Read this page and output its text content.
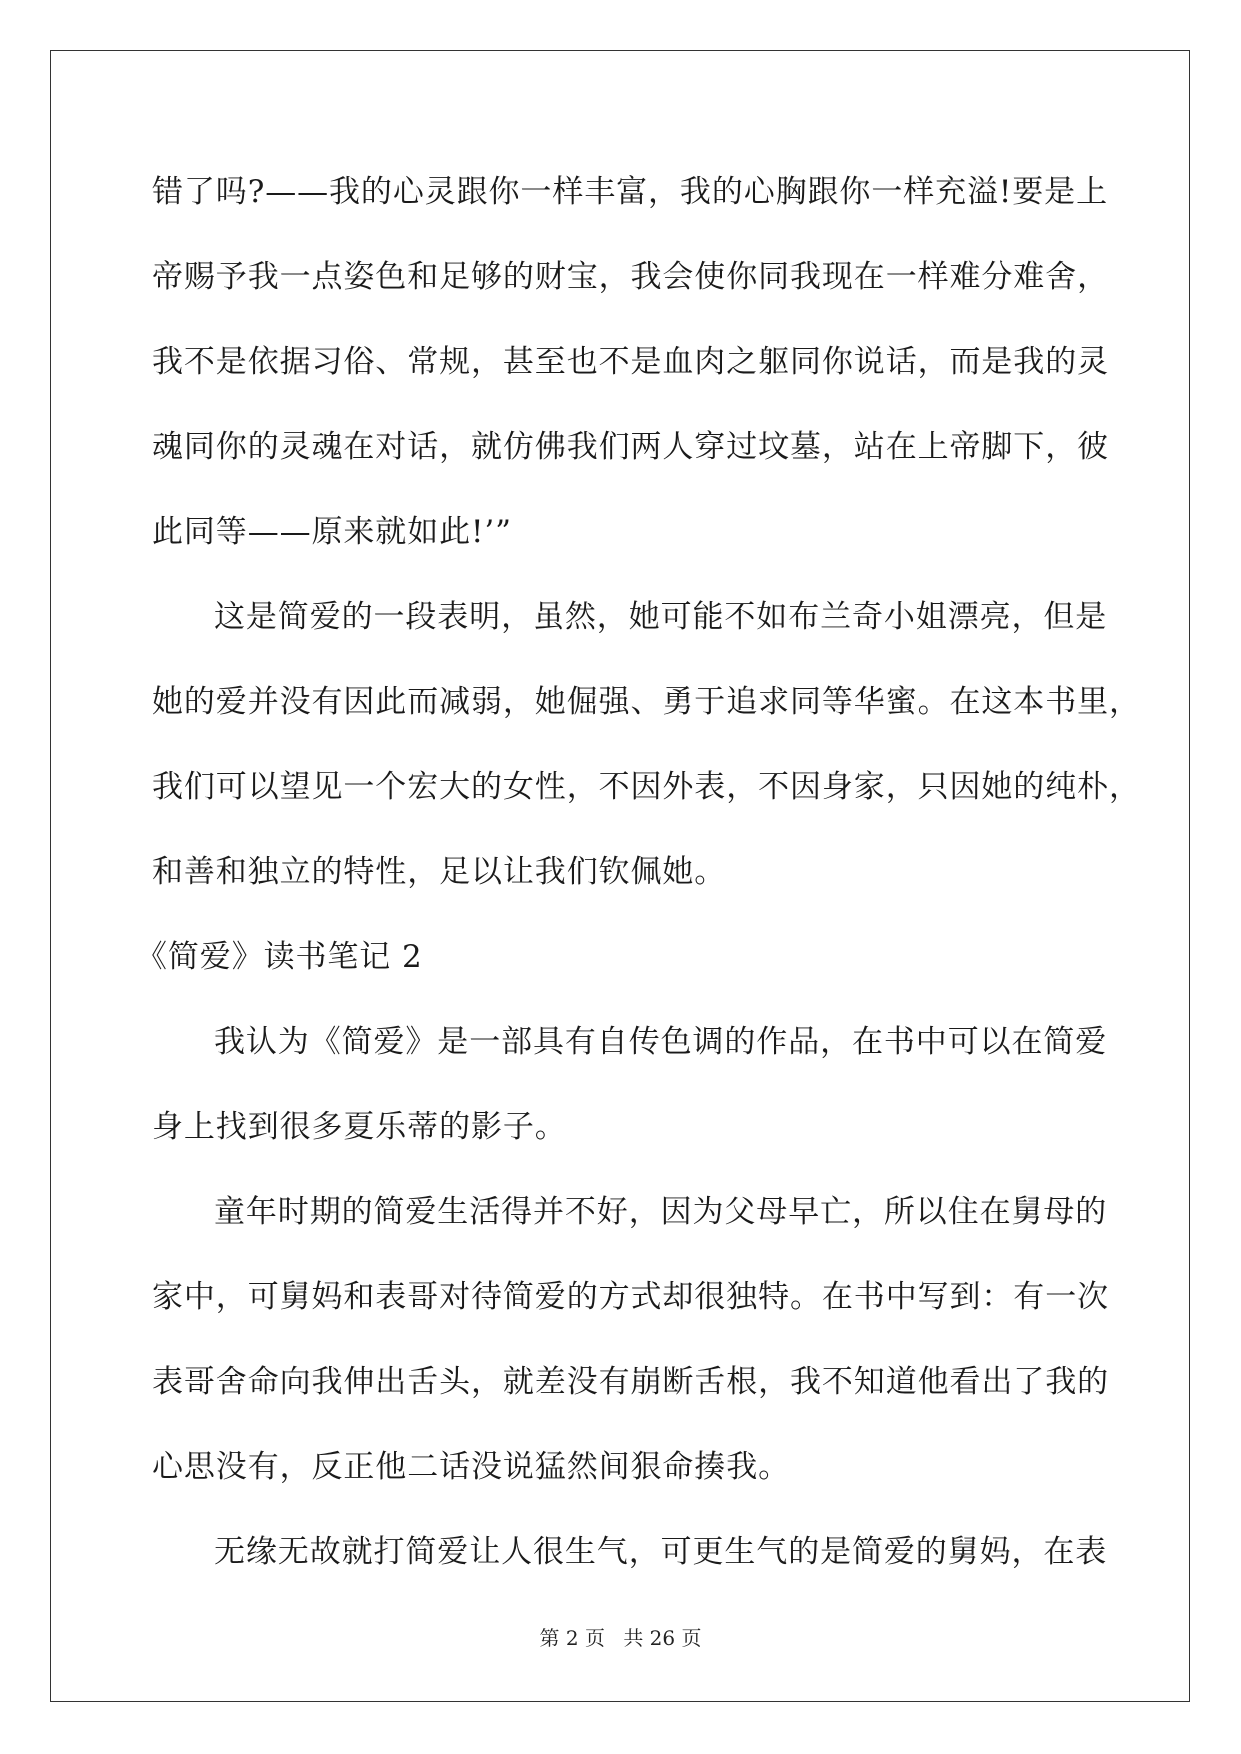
错了吗?——我的心灵跟你一样丰富，我的心胸跟你一样充溢!要是上
帝赐予我一点姿色和足够的财宝，我会使你同我现在一样难分难舍，
我不是依据习俗、常规，甚至也不是血肉之躯同你说话，而是我的灵
魂同你的灵魂在对话，就仿佛我们两人穿过坟墓，站在上帝脚下，彼
此同等——原来就如此!’”
这是简爱的一段表明，虽然，她可能不如布兰奇小姐漂亮，但是
她的爱并没有因此而减弱，她倔强、勇于追求同等华蜜。在这本书里，
我们可以望见一个宏大的女性，不因外表，不因身家，只因她的纯朴，
和善和独立的特性，足以让我们钦佩她。
《简爱》读书笔记 2
我认为《简爱》是一部具有自传色调的作品，在书中可以在简爱
身上找到很多夏乐蒂的影子。
童年时期的简爱生活得并不好，因为父母早亡，所以住在舅母的
家中，可舅妈和表哥对待简爱的方式却很独特。在书中写到：有一次
表哥舍命向我伸出舌头，就差没有崩断舌根，我不知道他看出了我的
心思没有，反正他二话没说猛然间狠命揍我。
无缘无故就打简爱让人很生气，可更生气的是简爱的舅妈，在表
第 2 页 共 26 页
